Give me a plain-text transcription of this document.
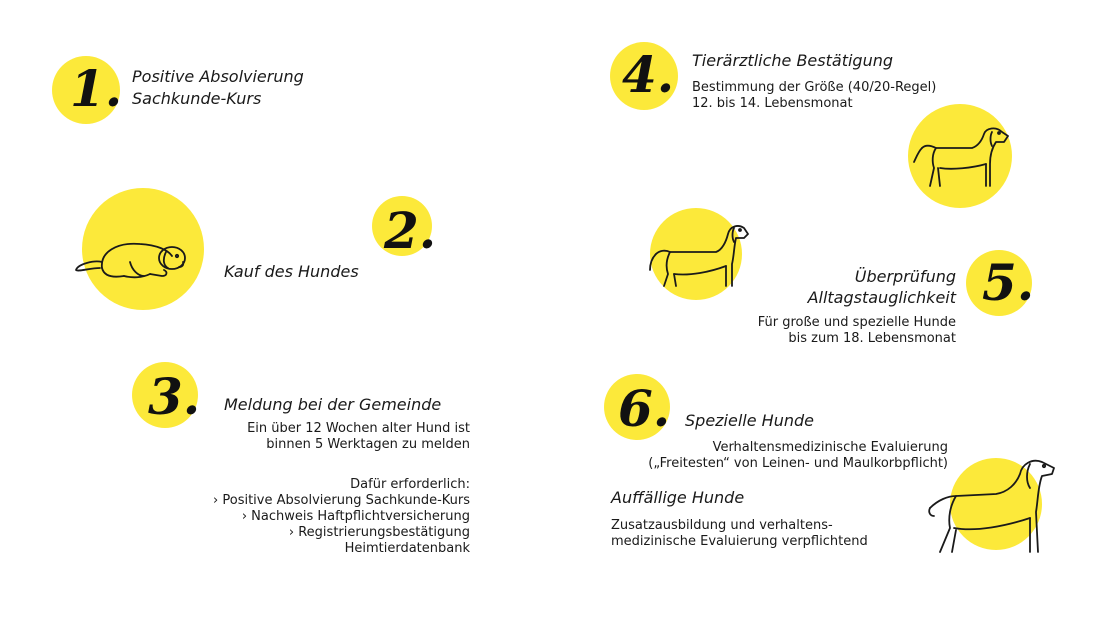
1. Positive Absolvierung
Sachkunde-Kurs
2.
Kauf des Hundes
3. Meldung bei der Gemeinde
Ein über 12 Wochen alter Hund ist
binnen 5 Werktagen zu melden
Dafür erforderlich:
› Positive Absolvierung Sachkunde-Kurs
› Nachweis Haftpflichtversicherung
› Registrierungsbestätigung
Heimtierdatenbank
4. Tierärztliche Bestätigung
Bestimmung der Größe (40/20-Regel)
12. bis 14. Lebensmonat
Überprüfung
Alltagstauglichkeit
Für große und spezielle Hunde
bis zum 18. Lebensmonat
5.
6. Spezielle Hunde
Verhaltensmedizinische Evaluierung
(„Freitesten“ von Leinen- und Maulkorbpflicht)
Auffällige Hunde
Zusatzausbildung und verhaltens-
medizinische Evaluierung verpflichtend
